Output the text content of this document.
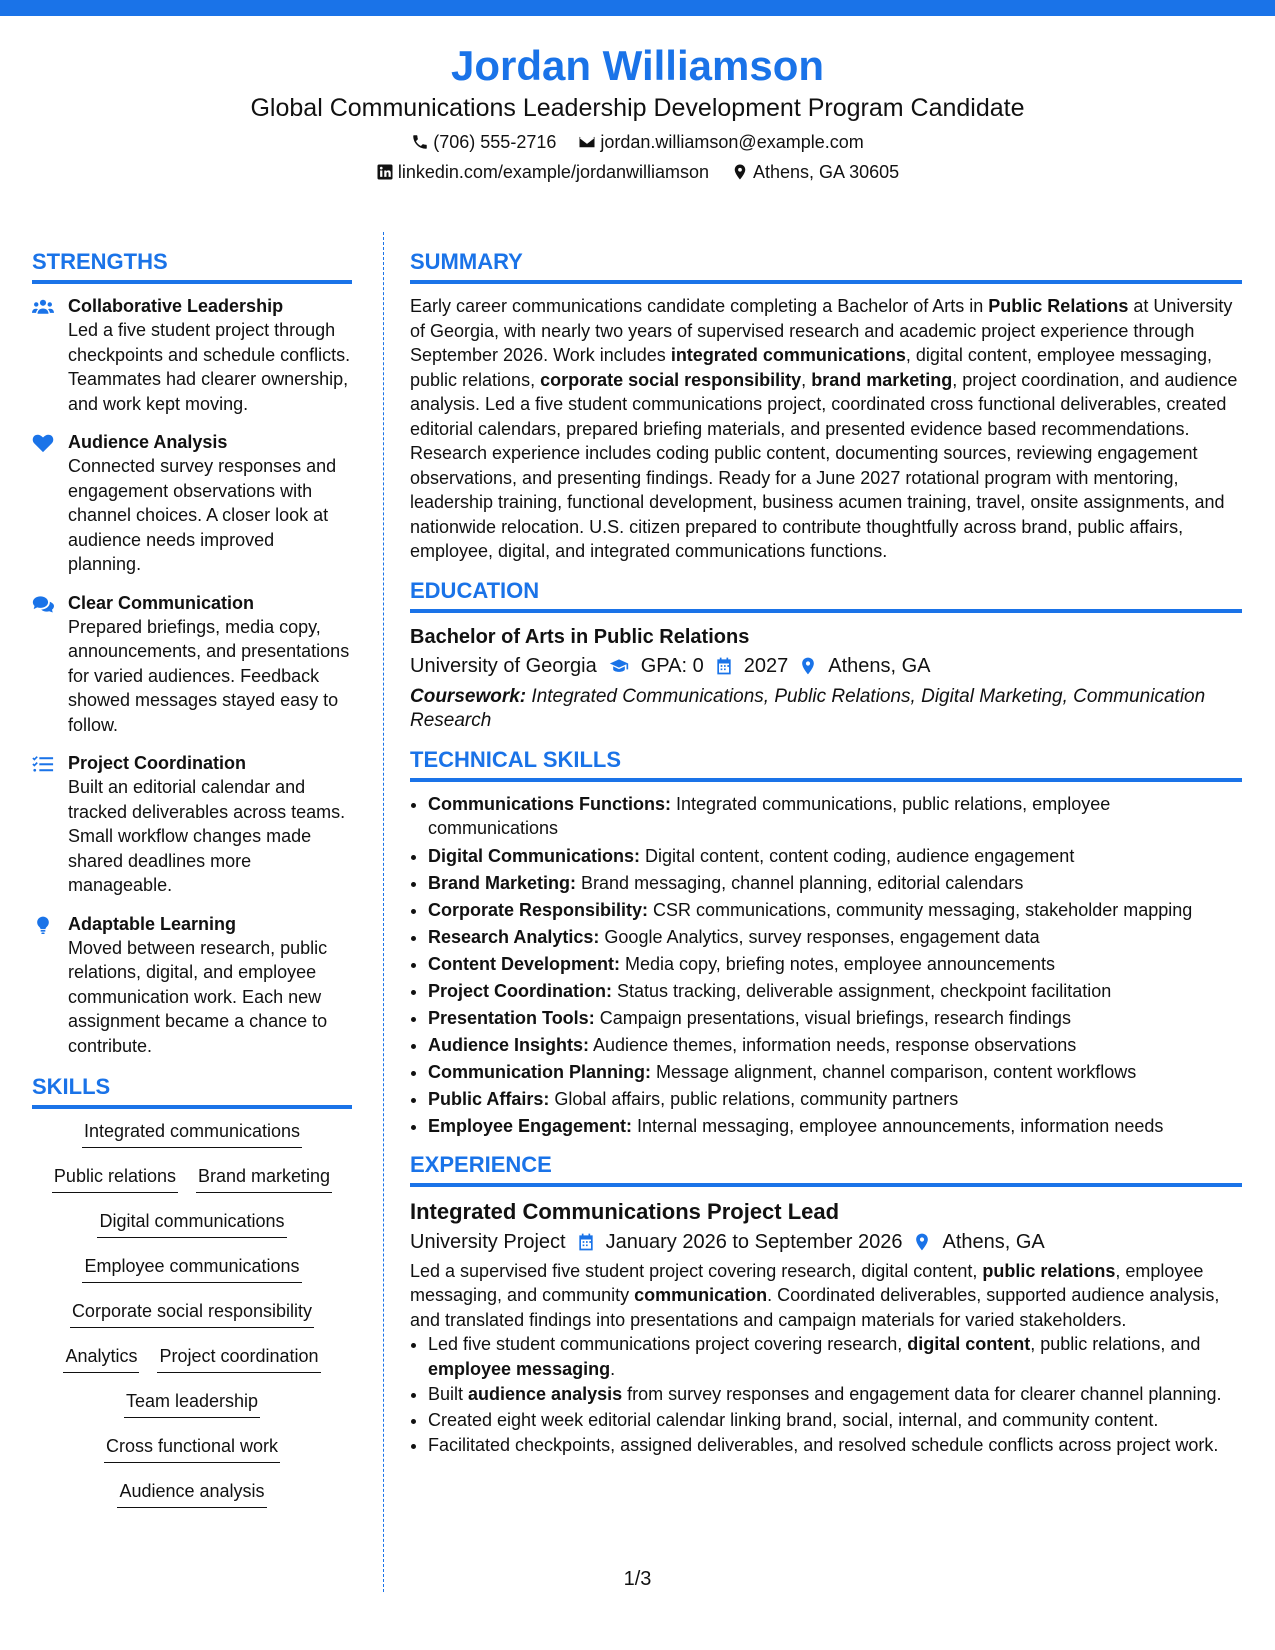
Jordan Williamson
Global Communications Leadership Development Program Candidate
(706) 555-2716 jordan.williamson@example.com
linkedin.com/example/jordanwilliamson Athens, GA 30605
STRENGTHS
Collaborative Leadership
Led a five student project through checkpoints and schedule conflicts. Teammates had clearer ownership, and work kept moving.
Audience Analysis
Connected survey responses and engagement observations with channel choices. A closer look at audience needs improved planning.
Clear Communication
Prepared briefings, media copy, announcements, and presentations for varied audiences. Feedback showed messages stayed easy to follow.
Project Coordination
Built an editorial calendar and tracked deliverables across teams. Small workflow changes made shared deadlines more manageable.
Adaptable Learning
Moved between research, public relations, digital, and employee communication work. Each new assignment became a chance to contribute.
SKILLS
Integrated communications
Public relations Brand marketing
Digital communications
Employee communications
Corporate social responsibility
Analytics Project coordination
Team leadership
Cross functional work
Audience analysis
SUMMARY
Early career communications candidate completing a Bachelor of Arts in Public Relations at University of Georgia, with nearly two years of supervised research and academic project experience through September 2026. Work includes integrated communications, digital content, employee messaging, public relations, corporate social responsibility, brand marketing, project coordination, and audience analysis. Led a five student communications project, coordinated cross functional deliverables, created editorial calendars, prepared briefing materials, and presented evidence based recommendations. Research experience includes coding public content, documenting sources, reviewing engagement observations, and presenting findings. Ready for a June 2027 rotational program with mentoring, leadership training, functional development, business acumen training, travel, onsite assignments, and nationwide relocation. U.S. citizen prepared to contribute thoughtfully across brand, public affairs, employee, digital, and integrated communications functions.
EDUCATION
Bachelor of Arts in Public Relations
University of Georgia GPA: 0 2027 Athens, GA
Coursework: Integrated Communications, Public Relations, Digital Marketing, Communication Research
TECHNICAL SKILLS
• Communications Functions: Integrated communications, public relations, employee communications
• Digital Communications: Digital content, content coding, audience engagement
• Brand Marketing: Brand messaging, channel planning, editorial calendars
• Corporate Responsibility: CSR communications, community messaging, stakeholder mapping
• Research Analytics: Google Analytics, survey responses, engagement data
• Content Development: Media copy, briefing notes, employee announcements
• Project Coordination: Status tracking, deliverable assignment, checkpoint facilitation
• Presentation Tools: Campaign presentations, visual briefings, research findings
• Audience Insights: Audience themes, information needs, response observations
• Communication Planning: Message alignment, channel comparison, content workflows
• Public Affairs: Global affairs, public relations, community partners
• Employee Engagement: Internal messaging, employee announcements, information needs
EXPERIENCE
Integrated Communications Project Lead
University Project January 2026 to September 2026 Athens, GA
Led a supervised five student project covering research, digital content, public relations, employee messaging, and community communication. Coordinated deliverables, supported audience analysis, and translated findings into presentations and campaign materials for varied stakeholders.
• Led five student communications project covering research, digital content, public relations, and employee messaging.
• Built audience analysis from survey responses and engagement data for clearer channel planning.
• Created eight week editorial calendar linking brand, social, internal, and community content.
• Facilitated checkpoints, assigned deliverables, and resolved schedule conflicts across project work.
1/3
